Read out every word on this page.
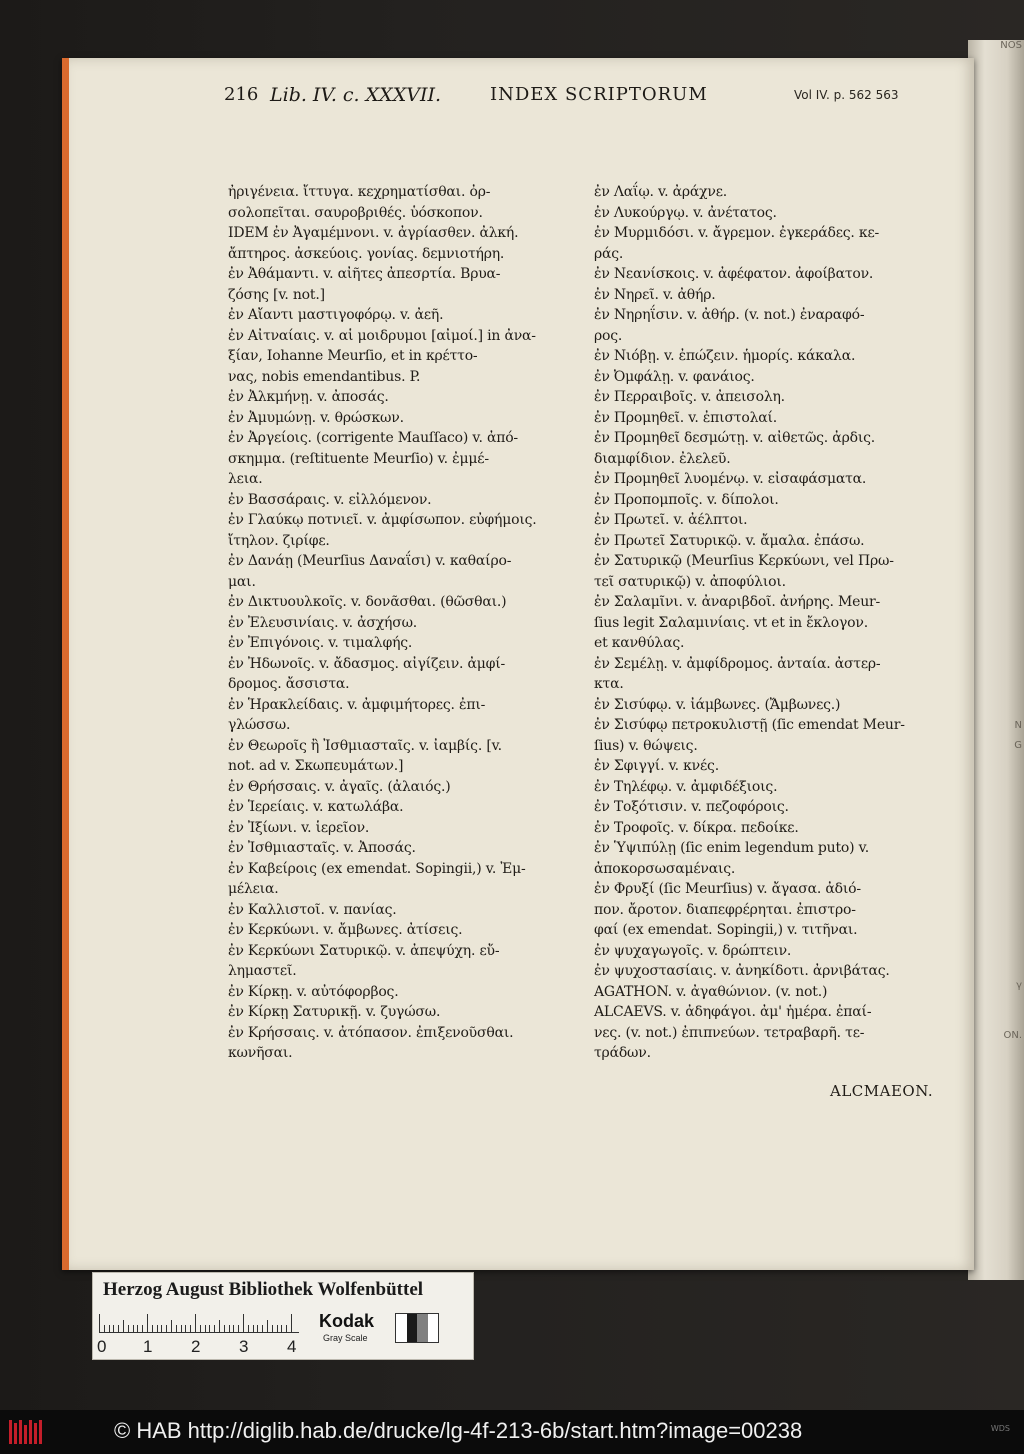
NOS
N
G
γ
ON.
216 Lib. IV. c. XXXVII.	INDEX SCRIPTORUM	Vol IV. p. 562 563
ἠριγένεια. ἴττυγα. κεχρηματίσθαι. ὀρ-
σολοπεῖται. σαυροβριθές. ὑόσκοπον.
IDEM ἐν Ἀγαμέμνονι. v. ἀγρίασθεν. ἀλκή.
ἄπτηρος. ἀσκεύοις. γονίας. δεμνιοτήρη.
ἐν Ἀθάμαντι. v. αἰῆτες ἀπεσρτία. Βρυα-
ζόσης [v. not.]
ἐν Αἴαντι μαστιγοφόρῳ. v. ἀεῆ.
ἐν Αἰτναίαις. v. αἱ μοιδρυμοι [αἰμοί.] in ἀνα-
ξίαν, Iohanne Meurſio, et in κρέττο-
νας, nobis emendantibus. P.
ἐν Ἀλκμήνῃ. v. ἀποσάς.
ἐν Ἀμυμώνῃ. v. θρώσκων.
ἐν Ἀργείοις. (corrigente Mauſſaco) v. ἀπό-
σκημμα. (reſtituente Meurſio) v. ἐμμέ-
λεια.
ἐν Βασσάραις. v. εἰλλόμενον.
ἐν Γλαύκῳ ποτνιεῖ. v. ἀμφίσωπον. εὐφήμοις.
ἴτηλον. ζιρίφε.
ἐν Δανάῃ (Meurſius Δαναΐσι) v. καθαίρο-
μαι.
ἐν Δικτυουλκοῖς. v. δονᾶσθαι. (θῶσθαι.)
ἐν Ἐλευσινίαις. v. ἀσχήσω.
ἐν Ἐπιγόνοις. v. τιμαλφής.
ἐν Ἠδωνοῖς. v. ἄδασμος. αἰγίζειν. ἀμφί-
δρομος. ἄσσιστα.
ἐν Ἡρακλείδαις. v. ἀμφιμήτορες. ἐπι-
γλώσσω.
ἐν Θεωροῖς ἢ Ἰσθμιασταῖς. v. ἰαμβίς. [v.
not. ad v. Σκωπευμάτων.]
ἐν Θρήσσαις. v. ἀγαῖς. (ἀλαιός.)
ἐν Ἱερείαις. v. κατωλάβα.
ἐν Ἰξίωνι. v. ἱερεῖον.
ἐν Ἰσθμιασταῖς. v. Ἀποσάς.
ἐν Καβείροις (ex emendat. Sopingii,) v. Ἐμ-
μέλεια.
ἐν Καλλιστοῖ. v. πανίας.
ἐν Κερκύωνι. v. ἄμβωνες. ἀτίσεις.
ἐν Κερκύωνι Σατυρικῷ. v. ἀπεψύχη. εὔ-
λημαστεῖ.
ἐν Κίρκῃ. v. αὐτόφορβος.
ἐν Κίρκῃ Σατυρικῇ. v. ζυγώσω.
ἐν Κρήσσαις. v. ἀτόπασον. ἐπιξενοῦσθαι.
κωνῆσαι.
ἐν Λαΐῳ. v. ἀράχνε.
ἐν Λυκούργῳ. v. ἀνέτατος.
ἐν Μυρμιδόσι. v. ἄγρεμον. ἐγκεράδες. κε-
ράς.
ἐν Νεανίσκοις. v. ἀφέφατον. ἀφοίβατον.
ἐν Νηρεῖ. v. ἀθήρ.
ἐν Νηρηΐσιν. v. ἀθήρ. (v. not.) ἐναραφό-
ρος.
ἐν Νιόβῃ. v. ἐπώζειν. ἡμορίς. κάκαλα.
ἐν Ὀμφάλῃ. v. φανάιος.
ἐν Περραιβοῖς. v. ἀπεισολη.
ἐν Προμηθεῖ. v. ἐπιστολαί.
ἐν Προμηθεῖ δεσμώτῃ. v. αἰθετῶς. ἀρδις.
διαμφίδιον. ἐλελεῦ.
ἐν Προμηθεῖ λυομένῳ. v. εἰσαφάσματα.
ἐν Προπομποῖς. v. δίπολοι.
ἐν Πρωτεῖ. v. ἀέλπτοι.
ἐν Πρωτεῖ Σατυρικῷ. v. ἄμαλα. ἐπάσω.
ἐν Σατυρικῷ (Meurſius Κερκύωνι, vel Πρω-
τεῖ σατυρικῷ) v. ἀποφύλιοι.
ἐν Σαλαμῖνι. v. ἀναριβδοῖ. ἀνήρης. Meur-
ſius legit Σαλαμινίαις. vt et in ἔκλογον.
et κανθύλας.
ἐν Σεμέλῃ. v. ἀμφίδρομος. ἀνταία. ἀστερ-
κτα.
ἐν Σισύφῳ. v. ἰάμβωνες. (Ἄμβωνες.)
ἐν Σισύφῳ πετροκυλιστῇ (ſic emendat Meur-
ſius) v. θώψεις.
ἐν Σφιγγί. v. κνές.
ἐν Τηλέφῳ. v. ἀμφιδέξιοις.
ἐν Τοξότισιν. v. πεζοφόροις.
ἐν Τροφοῖς. v. δίκρα. πεδοίκε.
ἐν Ὑψιπύλῃ (ſic enim legendum puto) v.
ἀποκορσωσαμέναις.
ἐν Φρυξί (ſic Meurſius) v. ἄγασα. ἀδιό-
πον. ἄροτον. διαπεφρέρηται. ἐπιστρο-
φαί (ex emendat. Sopingii,) v. τιτῆναι.
ἐν ψυχαγωγοῖς. v. δρώπτειν.
ἐν ψυχοστασίαις. v. ἀνηκίδοτι. ἀρνιβάτας.
AGATHON. v. ἀγαθώνιον. (v. not.)
ALCAEVS. v. ἀδηφάγοι. ἀμ' ἡμέρα. ἐπαί-
νες. (v. not.) ἐπιπνεύων. τετραβαρῆ. τε-
τράδων.
ALCMAEON.
Herzog August Bibliothek Wolfenbüttel
0 1 2 3 4
Kodak
Gray Scale
© HAB http://diglib.hab.de/drucke/lg-4f-213-6b/start.htm?image=00238	WDS
